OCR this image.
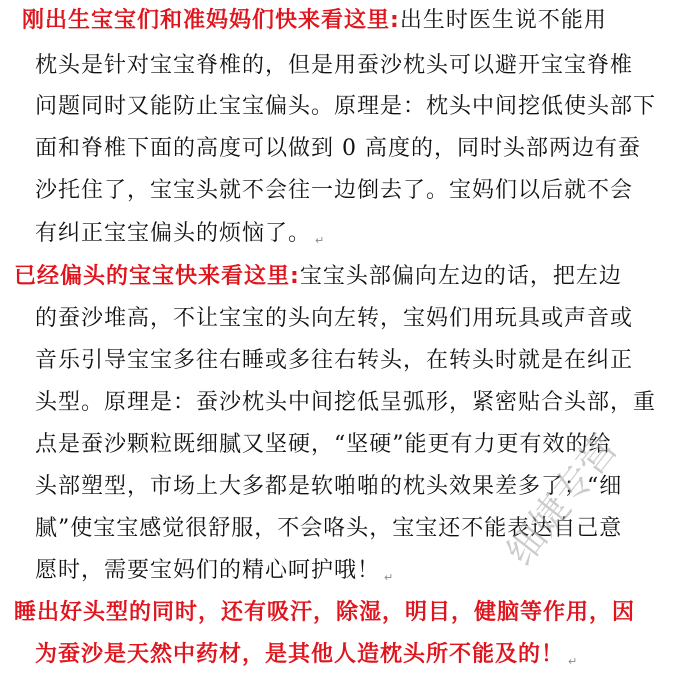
刚出生宝宝们和准妈妈们快来看这里:出生时医生说不能用
枕头是针对宝宝脊椎的，但是用蚕沙枕头可以避开宝宝脊椎
问题同时又能防止宝宝偏头。原理是：枕头中间挖低使头部下
面和脊椎下面的高度可以做到 0 高度的，同时头部两边有蚕
沙托住了，宝宝头就不会往一边倒去了。宝妈们以后就不会
有纠正宝宝偏头的烦恼了。 ↵
已经偏头的宝宝快来看这里:宝宝头部偏向左边的话，把左边
的蚕沙堆高，不让宝宝的头向左转，宝妈们用玩具或声音或
音乐引导宝宝多往右睡或多往右转头，在转头时就是在纠正
头型。原理是：蚕沙枕头中间挖低呈弧形，紧密贴合头部，重
点是蚕沙颗粒既细腻又坚硬，“坚硬”能更有力更有效的给
头部塑型，市场上大多都是软啪啪的枕头效果差多了；“细
腻”使宝宝感觉很舒服，不会咯头，宝宝还不能表达自己意
愿时，需要宝妈们的精心呵护哦！ ↵
睡出好头型的同时，还有吸汗，除湿，明目，健脑等作用，因
为蚕沙是天然中药材，是其他人造枕头所不能及的！ ↵
细婕专营
